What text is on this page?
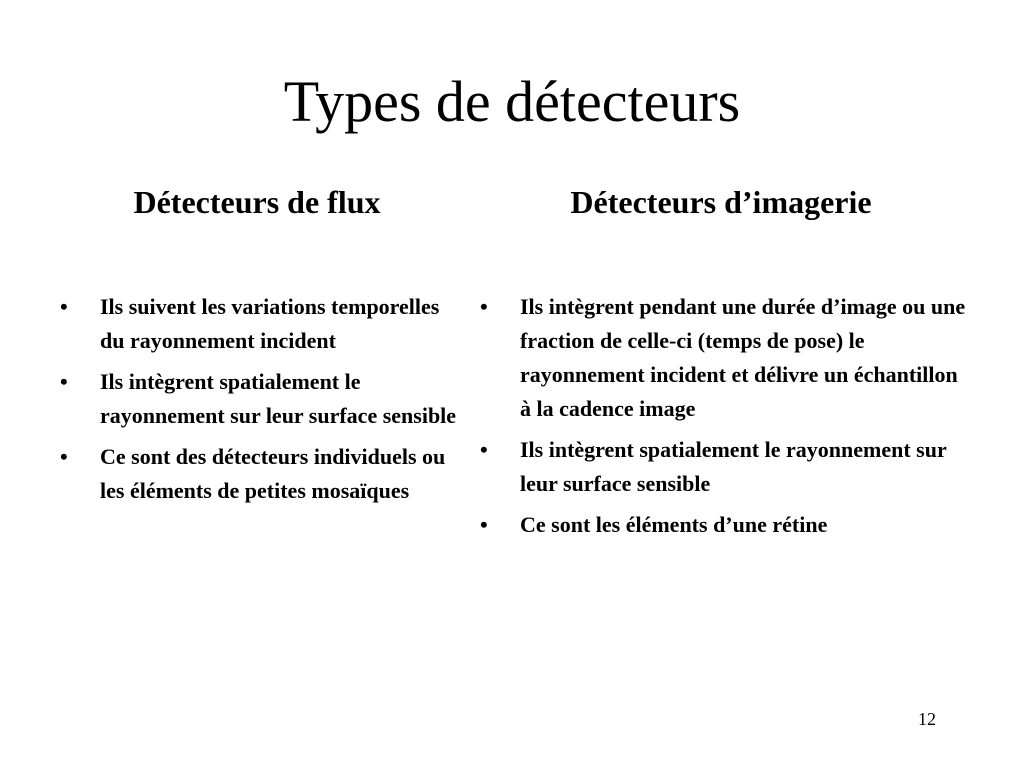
Types de détecteurs
Détecteurs de flux
• Ils suivent les variations temporelles du rayonnement incident
• Ils intègrent spatialement le rayonnement sur leur surface sensible
• Ce sont des détecteurs individuels ou les éléments de petites mosaïques
Détecteurs d’imagerie
• Ils intègrent pendant une durée d’image ou une fraction de celle-ci (temps de pose) le rayonnement incident et délivre un échantillon à la cadence image
• Ils intègrent spatialement le rayonnement sur leur surface sensible
• Ce sont les éléments d’une rétine
12
